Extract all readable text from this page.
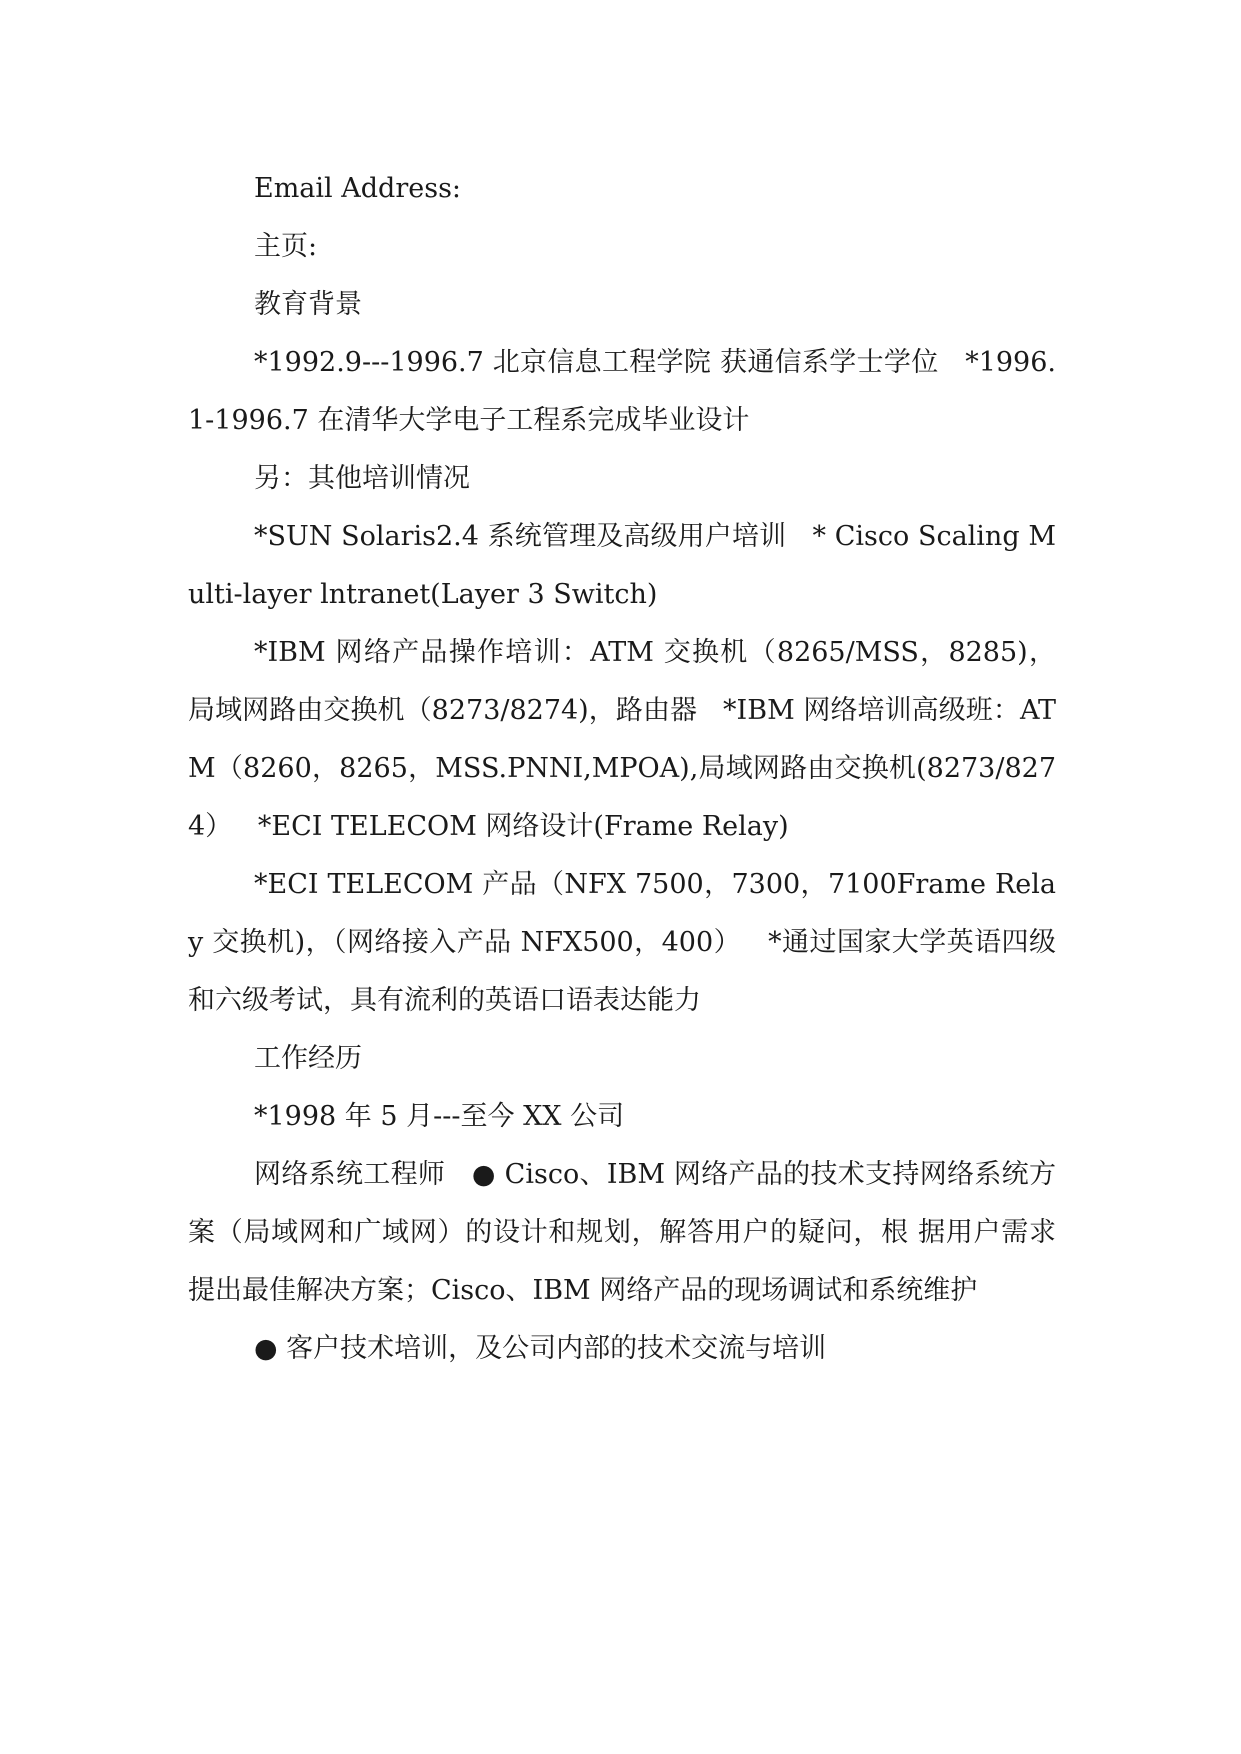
Email Address:

主页:

教育背景

*1992.9---1996.7 北京信息工程学院 获通信系学士学位   *1996.1-1996.7 在清华大学电子工程系完成毕业设计

另：其他培训情况

*SUN Solaris2.4 系统管理及高级用户培训   * Cisco Scaling Multi-layer lntranet(Layer 3 Switch)

*IBM 网络产品操作培训：ATM 交换机（8265/MSS，8285)，局域网路由交换机（8273/8274)，路由器   *IBM 网络培训高级班：ATM（8260，8265，MSS.PNNI,MPOA),局域网路由交换机(8273/8274）   *ECI TELECOM 网络设计(Frame Relay)

*ECI TELECOM 产品（NFX 7500，7300，7100Frame Relay 交换机)，（网络接入产品 NFX500，400）   *通过国家大学英语四级和六级考试，具有流利的英语口语表达能力

工作经历

*1998 年 5 月---至今 XX 公司

网络系统工程师   ● Cisco、IBM 网络产品的技术支持网络系统方案（局域网和广域网）的设计和规划，解答用户的疑问，根 据用户需求提出最佳解决方案；Cisco、IBM 网络产品的现场调试和系统维护

● 客户技术培训，及公司内部的技术交流与培训
